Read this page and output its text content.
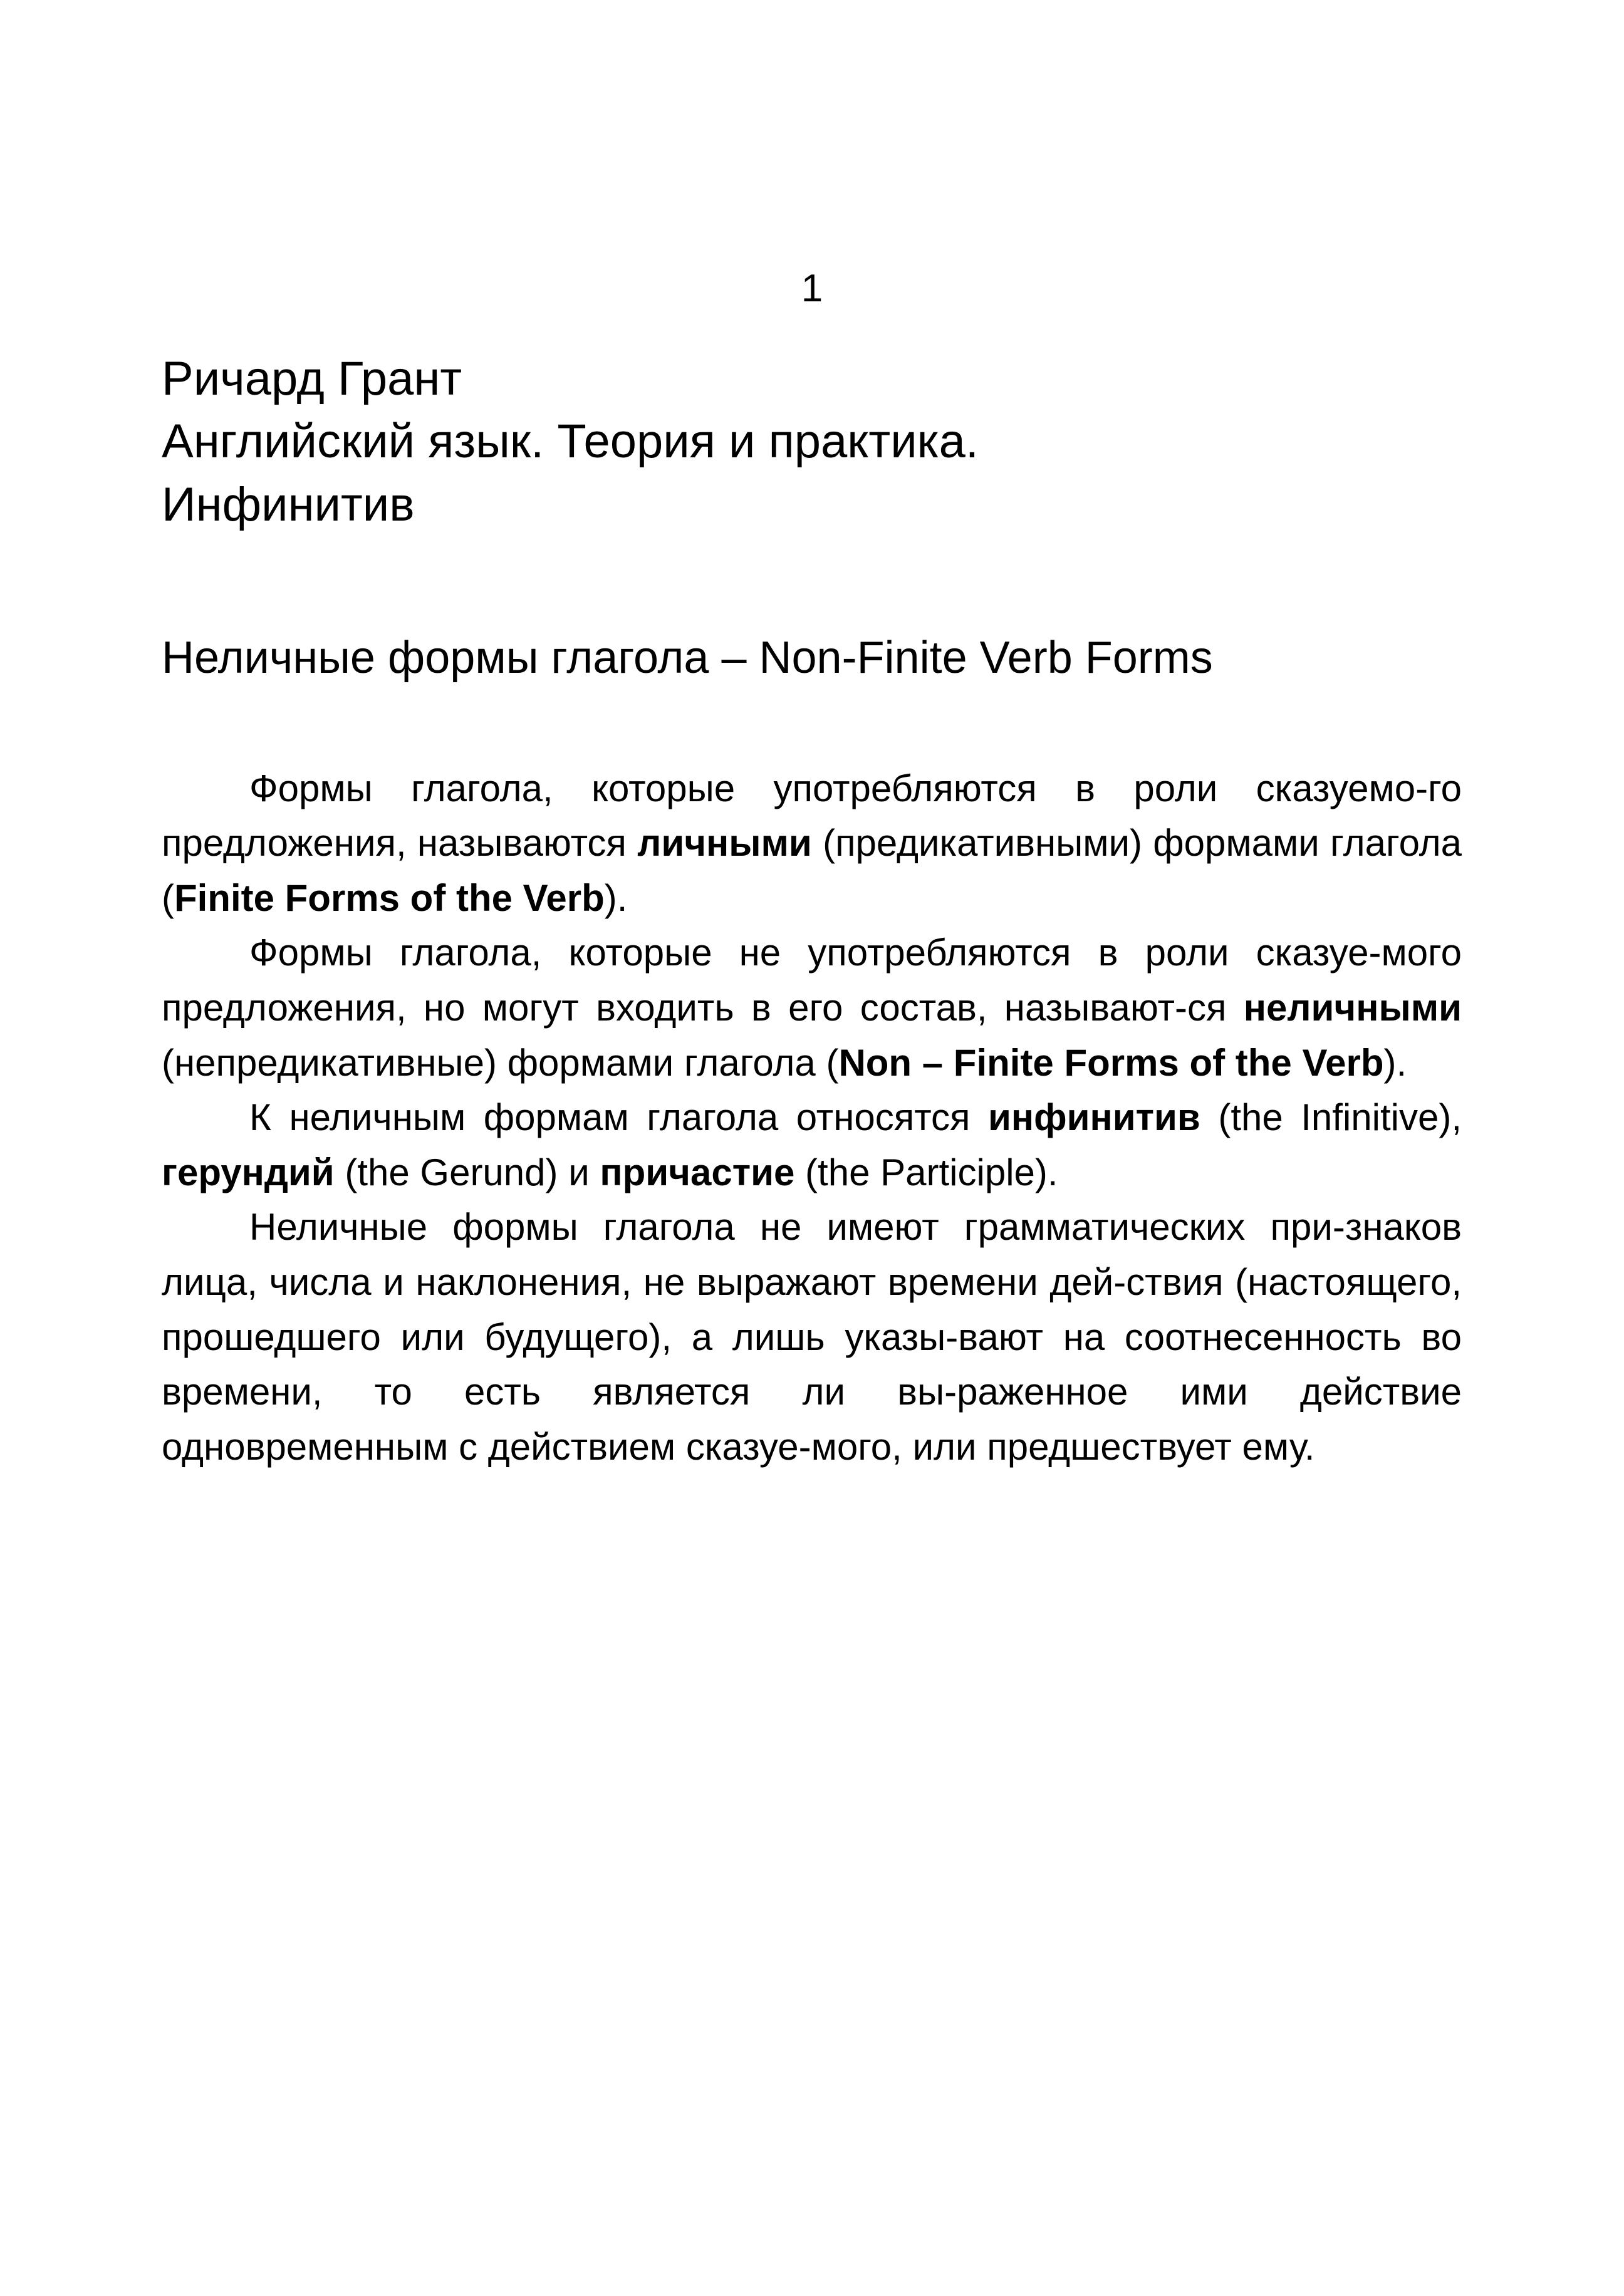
1
Ричард Грант
Английский язык. Теория и практика.
Инфинитив
Неличные формы глагола – Non-Finite Verb Forms

Формы глагола, которые употребляются в роли сказуемо-го предложения, называются личными (предикативными) формами глагола (Finite Forms of the Verb).

Формы глагола, которые не употребляются в роли сказуе-мого предложения, но могут входить в его состав, называют-ся неличными (непредикативные) формами глагола (Non – Finite Forms of the Verb).

К неличным формам глагола относятся инфинитив (the Infinitive), герундий (the Gerund) и причастие (the Participle).

Неличные формы глагола не имеют грамматических при-знаков лица, числа и наклонения, не выражают времени дей-ствия (настоящего, прошедшего или будущего), а лишь указы-вают на соотнесенность во времени, то есть является ли вы-раженное ими действие одновременным с действием сказуе-мого, или предшествует ему.
